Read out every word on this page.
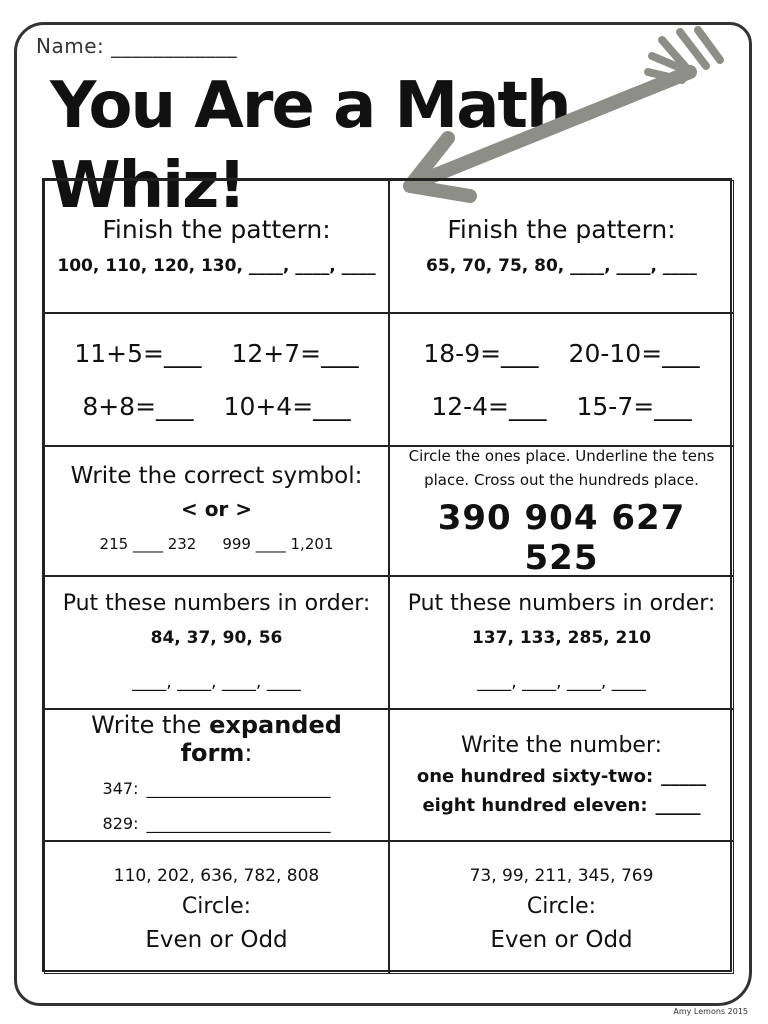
Name: ____________
You Are a Math Whiz!
Finish the pattern:
100, 110, 120, 130, ____, ____, ____
Finish the pattern:
65, 70, 75, 80, ____, ____, ____
11+5=___ 12+7=___
8+8=___ 10+4=___
18-9=___ 20-10=___
12-4=___ 15-7=___
Write the correct symbol:
< or >
215 ____ 232 999 ____ 1,201
Circle the ones place. Underline the tens
place. Cross out the hundreds place.
390 904 627 525
Put these numbers in order:
84, 37, 90, 56
____, ____, ____, ____
Put these numbers in order:
137, 133, 285, 210
____, ____, ____, ____
Write the expanded form:
347: _______________________
829: _______________________
Write the number:
one hundred sixty-two: _____
eight hundred eleven: _____
110, 202, 636, 782, 808
Circle:
Even or Odd
73, 99, 211, 345, 769
Circle:
Even or Odd
Amy Lemons 2015
